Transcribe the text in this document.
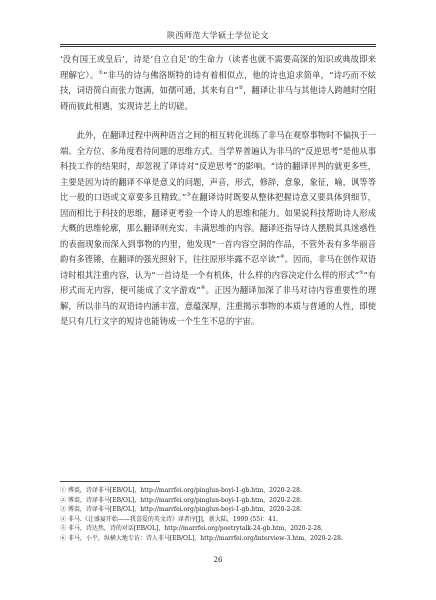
陕西师范大学硕士学位论文

‘没有国王或皇后’，诗是‘自立自足’的生命力（读者也就不需要高深的知识或典故即来理解它）。①”非马的诗与佛洛斯特的诗有着相似点，他的诗也追求简单，“诗巧而不炫技，词语简白而张力饱满，如孺可通，其来有自”②，翻译让非马与其他诗人跨越时空阻碍而彼此相遇，实现诗艺上的切磋。

此外，在翻译过程中两种语言之间的相互转化训练了非马在观察事物时不偏执于一端、全方位、多角度看待问题的思维方式。当学界普遍认为非马的“反逆思考”是他从事科技工作的结果时，却忽视了译诗对“反逆思考”的影响。“诗的翻译评判的就更多些，主要是因为诗的翻译不单是意义的问题，声音，形式，修辞，意象，象征，喻，讽等等比一般的口语或文章要多且精致。”③在翻译诗时既要从整体把握诗意又要具体到细节，因而相比于科技的思维，翻译更考验一个诗人的思维和能力。如果说科技帮助诗人形成大概的思维轮廓，那么翻译则充实、丰满思维的内容。翻译还指导诗人摆脱其具迷惑性的表面现象而深入到事物的内里，他发现“一首内容空洞的作品，不管外表有多华丽音韵有多铿锵，在翻译的强光照射下，往往原形毕露不忍卒读”④。因而，非马在创作双语诗时根其注重内容，认为“一首诗是一个有机体，什么样的内容决定什么样的形式”⑤“有形式而无内容，便可能成了文字游戏”⑥。正因为翻译加深了非马对诗内容重要性的理解，所以非马的双语诗内涵丰富，意蕴深厚，注重揭示事物的本质与普通的人性，即使是只有几行文字的短诗也能铸成一个生生不息的宇宙。

① 博裘，诗译非马[EB/OL]，http://marrfei.org/pinglun-boyi-1-gb.htm，2020-2-28.
② 博裘，诗译非马[EB/OL]，http://marrfei.org/pinglun-boyi-1-gb.htm，2020-2-28.
③ 博裘，诗译非马[EB/OL]，http://marrfei.org/pinglun-boyi-1-gb.htm，2020-2-28.
④ 非马.《让盛宴开始——我喜爱的英文诗》译者序[J]，新大陆，1999 (55)：41.
⑤ 非马，诗达然，诗的对话[EB/OL]，http://marrfei.org/poetrytalk-24-gb.htm，2020-2-28.
⑥ 非马，小平，纵横大地专访：诗人非马[EB/OL]，http://marrfei.org/interview-3.htm，2020-2-28.
26
